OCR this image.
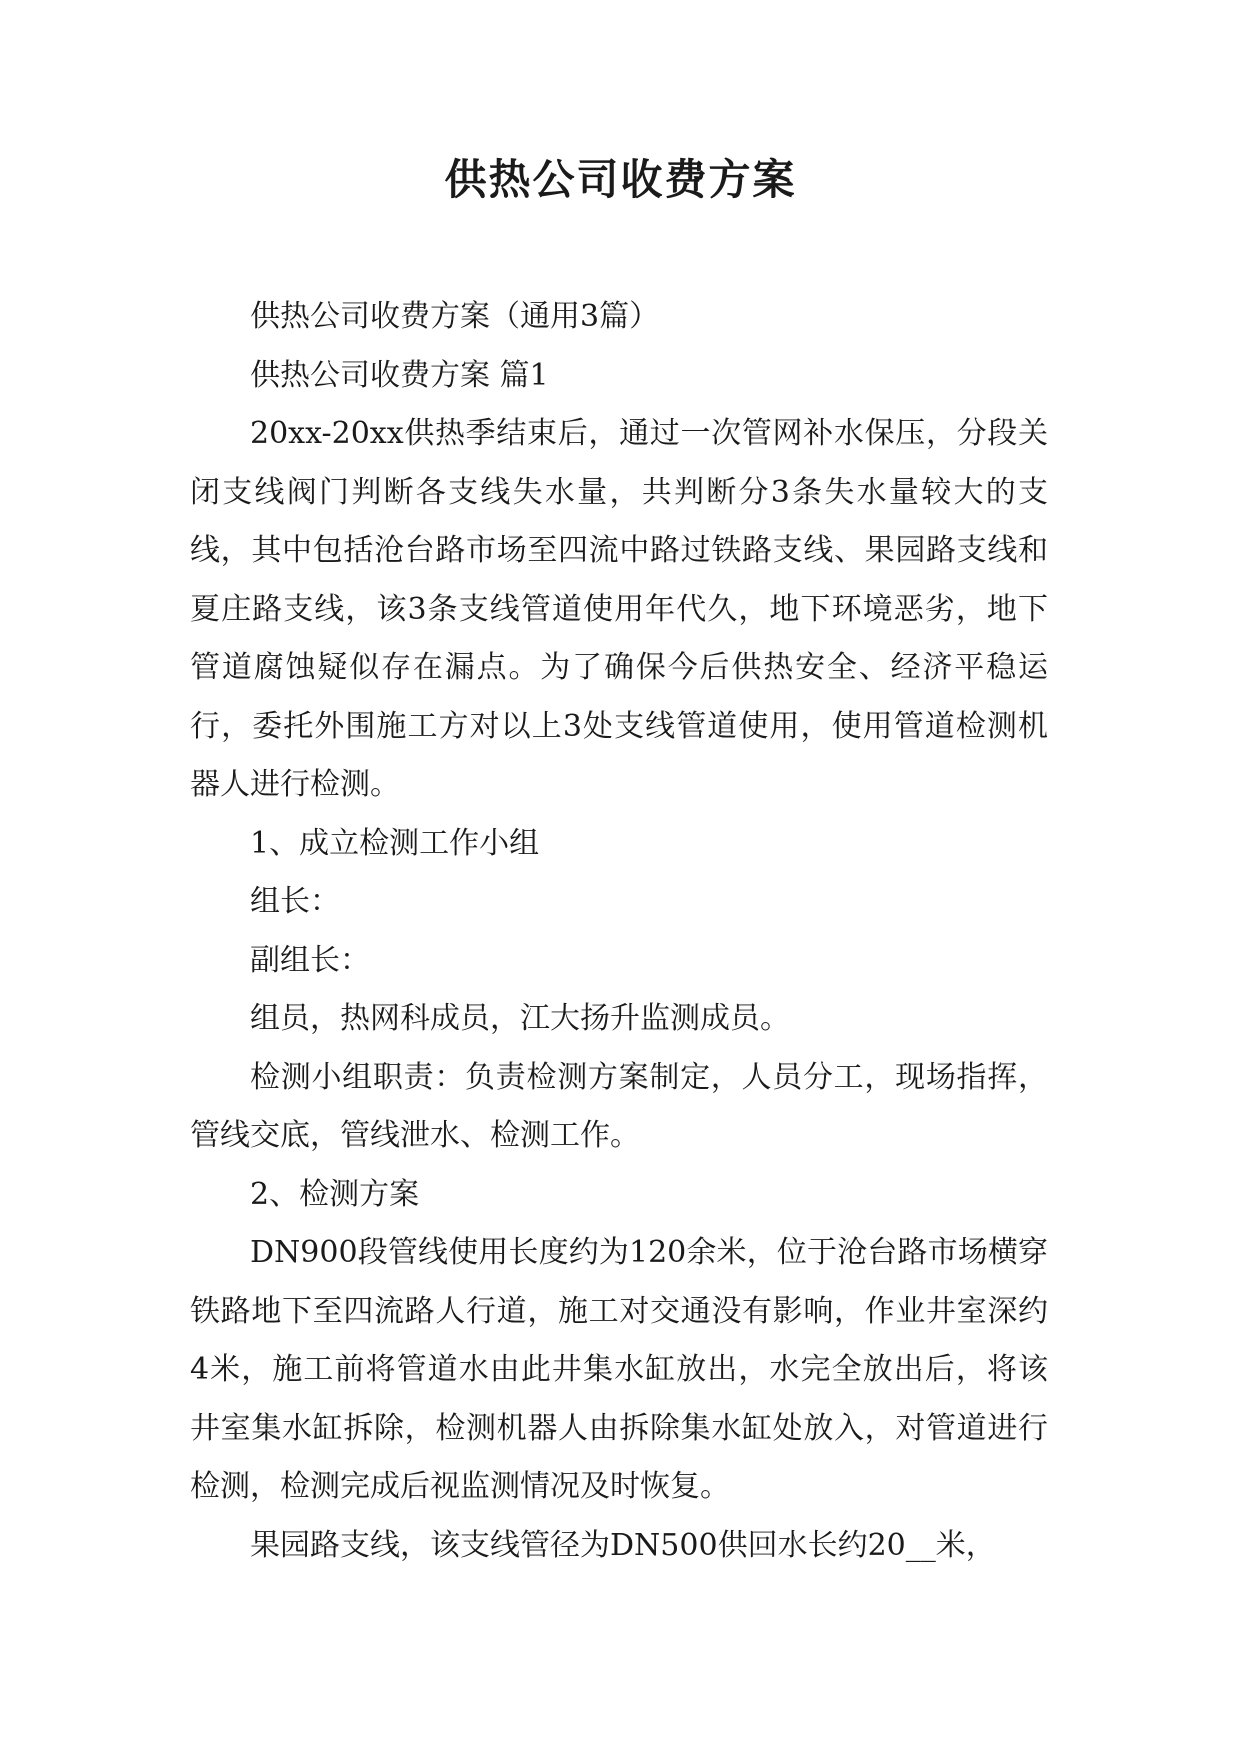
供热公司收费方案

供热公司收费方案（通用3篇）

供热公司收费方案 篇1

20xx-20xx供热季结束后，通过一次管网补水保压，分段关闭支线阀门判断各支线失水量，共判断分3条失水量较大的支线，其中包括沧台路市场至四流中路过铁路支线、果园路支线和夏庄路支线，该3条支线管道使用年代久，地下环境恶劣，地下管道腐蚀疑似存在漏点。为了确保今后供热安全、经济平稳运行，委托外围施工方对以上3处支线管道使用，使用管道检测机器人进行检测。

1、成立检测工作小组

组长：

副组长：

组员，热网科成员，江大扬升监测成员。

检测小组职责：负责检测方案制定，人员分工，现场指挥，管线交底，管线泄水、检测工作。

2、检测方案

DN900段管线使用长度约为120余米，位于沧台路市场横穿铁路地下至四流路人行道，施工对交通没有影响，作业井室深约4米，施工前将管道水由此井集水缸放出，水完全放出后，将该井室集水缸拆除，检测机器人由拆除集水缸处放入，对管道进行检测，检测完成后视监测情况及时恢复。

果园路支线，该支线管径为DN500供回水长约20__米，
